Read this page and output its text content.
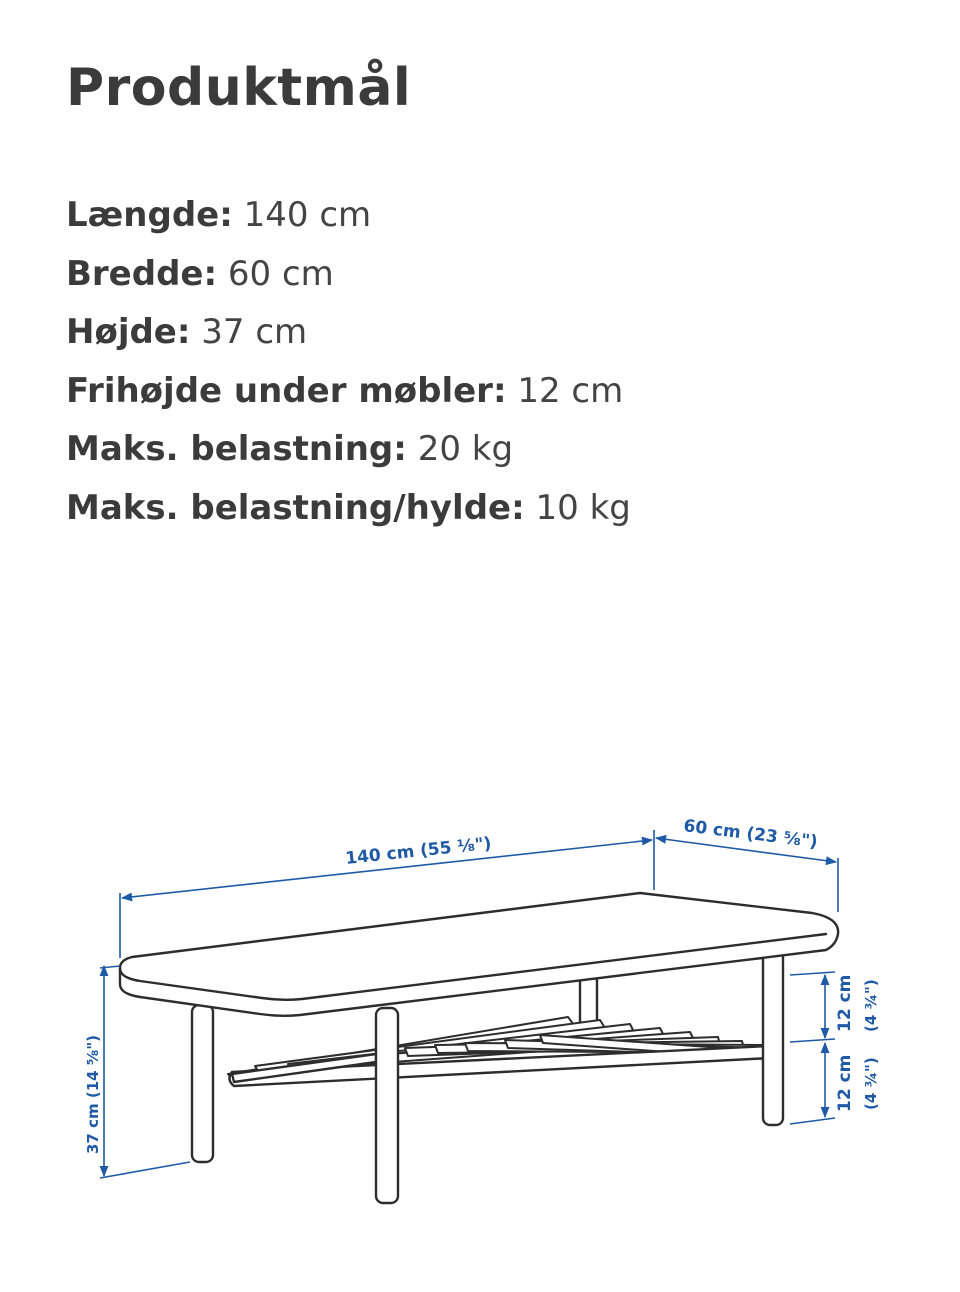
Produktmål
Længde: 140 cm
Bredde: 60 cm
Højde: 37 cm
Frihøjde under møbler: 12 cm
Maks. belastning: 20 kg
Maks. belastning/hylde: 10 kg
140 cm (55 ⅛")	60 cm (23 ⅝")
37 cm (14 ⅝")
12 cm (4 ¾")
12 cm (4 ¾")
